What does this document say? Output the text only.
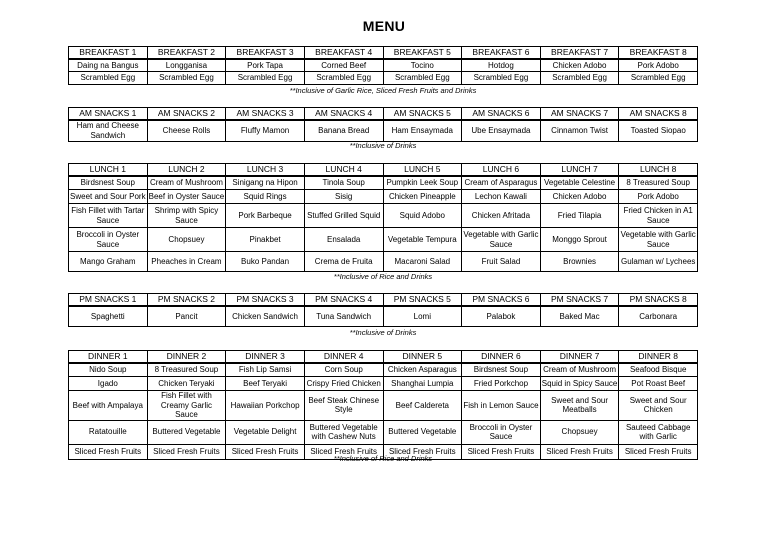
MENU
BREAKFAST 1	BREAKFAST 2	BREAKFAST 3	BREAKFAST 4	BREAKFAST 5	BREAKFAST 6	BREAKFAST 7	BREAKFAST 8
Daing na Bangus	Longganisa	Pork Tapa	Corned Beef	Tocino	Hotdog	Chicken Adobo	Pork Adobo
Scrambled Egg	Scrambled Egg	Scrambled Egg	Scrambled Egg	Scrambled Egg	Scrambled Egg	Scrambled Egg	Scrambled Egg
**Inclusive of Garlic Rice, Sliced Fresh Fruits and Drinks
AM SNACKS 1	AM SNACKS 2	AM SNACKS 3	AM SNACKS 4	AM SNACKS 5	AM SNACKS 6	AM SNACKS 7	AM SNACKS 8
Ham and Cheese Sandwich	Cheese Rolls	Fluffy Mamon	Banana Bread	Ham Ensaymada	Ube Ensaymada	Cinnamon Twist	Toasted Siopao
**Inclusive of Drinks
LUNCH 1	LUNCH 2	LUNCH 3	LUNCH 4	LUNCH 5	LUNCH 6	LUNCH 7	LUNCH 8
Birdsnest Soup	Cream of Mushroom	Sinigang na Hipon	Tinola Soup	Pumpkin Leek Soup	Cream of Asparagus	Vegetable Celestine	8 Treasured Soup
Sweet and Sour Pork	Beef in Oyster Sauce	Squid Rings	Sisig	Chicken Pineapple	Lechon Kawali	Chicken Adobo	Pork Adobo
Fish Fillet with Tartar Sauce	Shrimp with Spicy Sauce	Pork Barbeque	Stuffed Grilled Squid	Squid Adobo	Chicken Afritada	Fried Tilapia	Fried Chicken in A1 Sauce
Broccoli in Oyster Sauce	Chopsuey	Pinakbet	Ensalada	Vegetable Tempura	Vegetable with Garlic Sauce	Monggo Sprout	Vegetable with Garlic Sauce
Mango Graham	Pheaches in Cream	Buko Pandan	Crema de Fruita	Macaroni Salad	Fruit Salad	Brownies	Gulaman w/ Lychees
**Inclusive of Rice and Drinks
PM SNACKS 1	PM SNACKS 2	PM SNACKS 3	PM SNACKS 4	PM SNACKS 5	PM SNACKS 6	PM SNACKS 7	PM SNACKS 8
Spaghetti	Pancit	Chicken Sandwich	Tuna Sandwich	Lomi	Palabok	Baked Mac	Carbonara
**Inclusive of Drinks
DINNER 1	DINNER 2	DINNER 3	DINNER 4	DINNER 5	DINNER 6	DINNER 7	DINNER 8
Nido Soup	8 Treasured Soup	Fish Lip Samsi	Corn Soup	Chicken Asparagus	Birdsnest Soup	Cream of Mushroom	Seafood Bisque
Igado	Chicken Teryaki	Beef Teryaki	Crispy Fried Chicken	Shanghai Lumpia	Fried Porkchop	Squid in Spicy Sauce	Pot Roast Beef
Beef with Ampalaya	Fish Fillet with Creamy Garlic Sauce	Hawaiian Porkchop	Beef Steak Chinese Style	Beef Caldereta	Fish in Lemon Sauce	Sweet and Sour Meatballs	Sweet and Sour Chicken
Ratatouille	Buttered Vegetable	Vegetable Delight	Buttered Vegetable with Cashew Nuts	Buttered Vegetable	Broccoli in Oyster Sauce	Chopsuey	Sauteed Cabbage with Garlic
Sliced Fresh Fruits	Sliced Fresh Fruits	Sliced Fresh Fruits	Sliced Fresh Fruits	Sliced Fresh Fruits	Sliced Fresh Fruits	Sliced Fresh Fruits	Sliced Fresh Fruits
**Inclusive of Rice and Drinks
